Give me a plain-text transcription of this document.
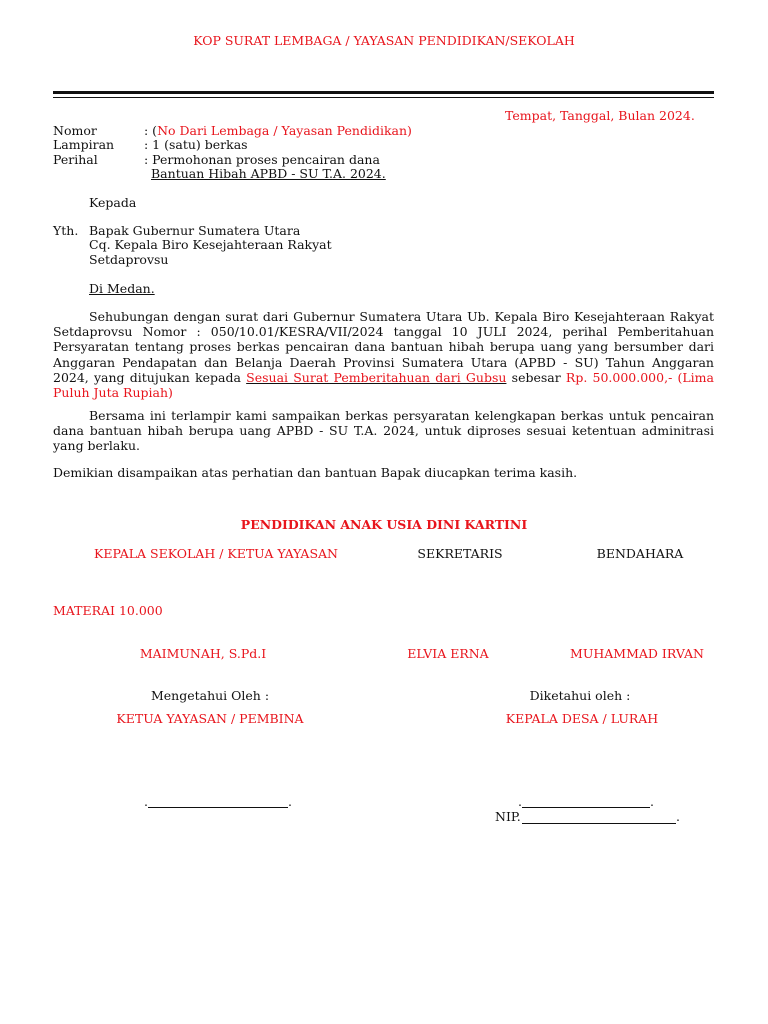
KOP SURAT LEMBAGA / YAYASAN PENDIDIKAN/SEKOLAH
Tempat, Tanggal, Bulan 2024.
Nomor	: (No Dari Lembaga / Yayasan Pendidikan)
Lampiran : 1 (satu) berkas
Perihal	: Permohonan proses pencairan dana
Bantuan Hibah APBD - SU T.A. 2024.
Kepada
Yth. Bapak Gubernur Sumatera Utara
Cq. Kepala Biro Kesejahteraan Rakyat
Setdaprovsu
Di Medan.
Sehubungan dengan surat dari Gubernur Sumatera Utara Ub. Kepala Biro Kesejahteraan Rakyat Setdaprovsu Nomor : 050/10.01/KESRA/VII/2024 tanggal 10 JULI 2024, perihal Pemberitahuan Persyaratan tentang proses berkas pencairan dana bantuan hibah berupa uang yang bersumber dari Anggaran Pendapatan dan Belanja Daerah Provinsi Sumatera Utara (APBD - SU) Tahun Anggaran 2024, yang ditujukan kepada Sesuai Surat Pemberitahuan dari Gubsu sebesar Rp. 50.000.000,- (Lima Puluh Juta Rupiah)
Bersama ini terlampir kami sampaikan berkas persyaratan kelengkapan berkas untuk pencairan dana bantuan hibah berupa uang APBD - SU T.A. 2024, untuk diproses sesuai ketentuan adminitrasi yang berlaku.
Demikian disampaikan atas perhatian dan bantuan Bapak diucapkan terima kasih.
PENDIDIKAN ANAK USIA DINI KARTINI
KEPALA SEKOLAH / KETUA YAYASAN	SEKRETARIS	BENDAHARA
MATERAI 10.000
MAIMUNAH, S.Pd.I	ELVIA ERNA	MUHAMMAD IRVAN
Mengetahui Oleh :	Diketahui oleh :
KETUA YAYASAN / PEMBINA	KEPALA DESA / LURAH
.	.	.	.
NIP.	.
